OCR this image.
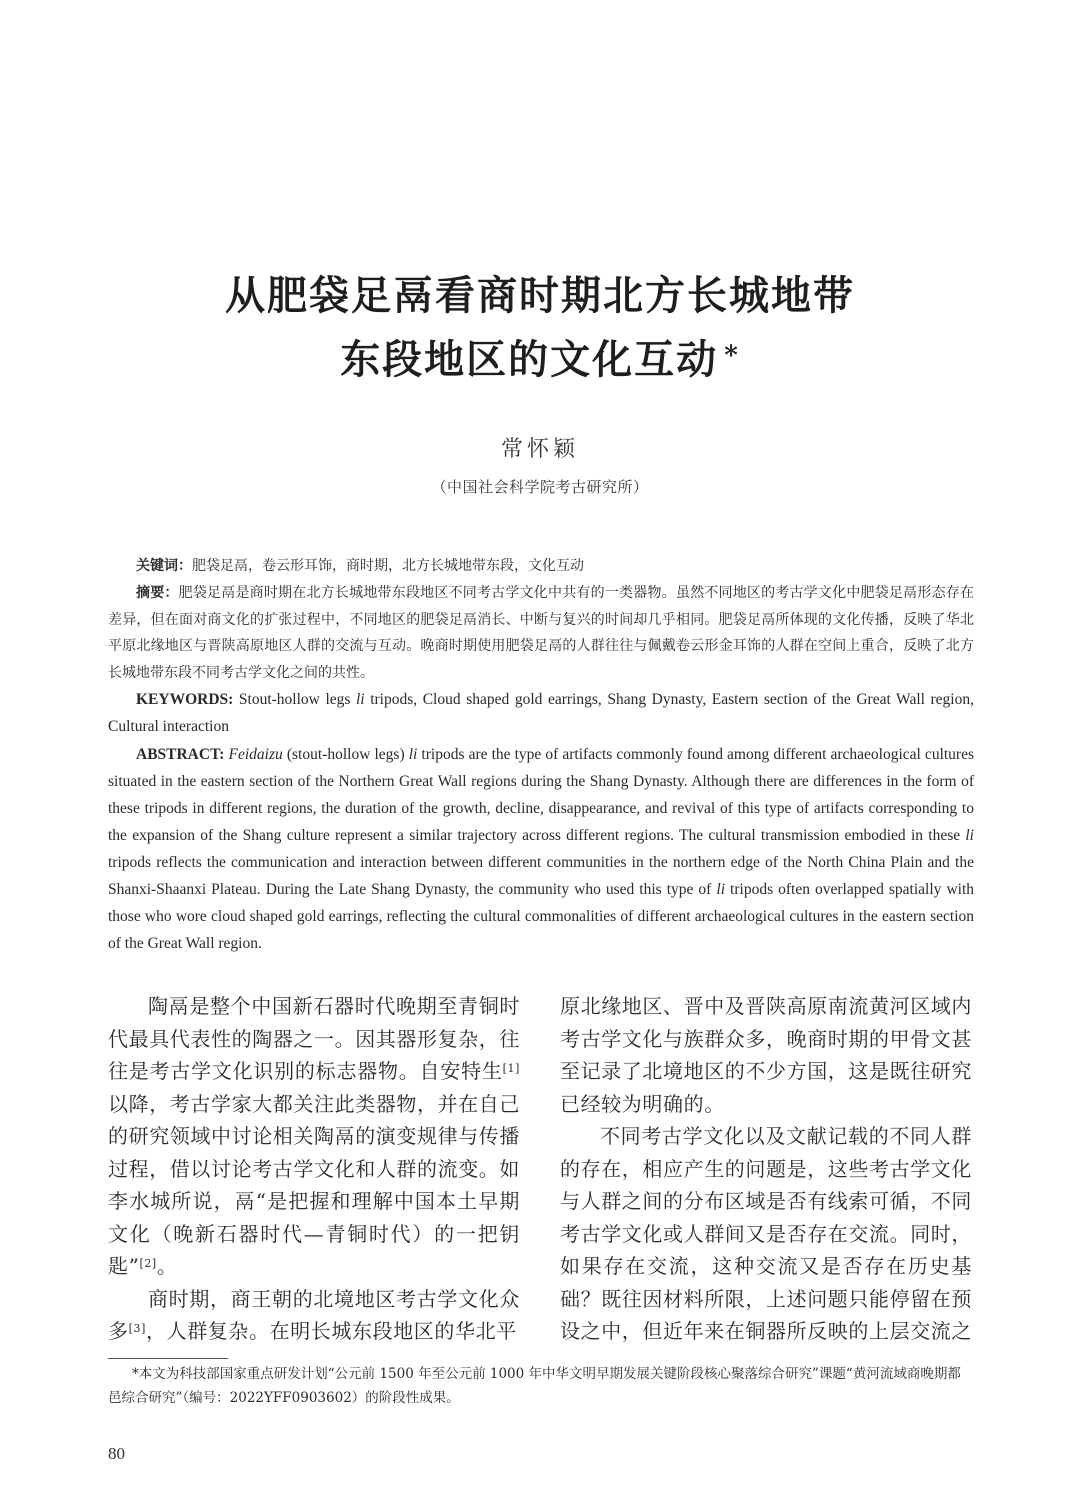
从肥袋足鬲看商时期北方长城地带
东段地区的文化互动 *
常怀颖
（中国社会科学院考古研究所）
关键词：肥袋足鬲，卷云形耳饰，商时期，北方长城地带东段，文化互动
摘要：肥袋足鬲是商时期在北方长城地带东段地区不同考古学文化中共有的一类器物。虽然不同地区的考古学文化中肥袋足鬲形态存在差异，但在面对商文化的扩张过程中，不同地区的肥袋足鬲消长、中断与复兴的时间却几乎相同。肥袋足鬲所体现的文化传播，反映了华北平原北缘地区与晋陕高原地区人群的交流与互动。晚商时期使用肥袋足鬲的人群往往与佩戴卷云形金耳饰的人群在空间上重合，反映了北方长城地带东段不同考古学文化之间的共性。
KEYWORDS: Stout-hollow legs li tripods, Cloud shaped gold earrings, Shang Dynasty, Eastern section of the Great Wall region, Cultural interaction
ABSTRACT: Feidaizu (stout-hollow legs) li tripods are the type of artifacts commonly found among different archaeological cultures situated in the eastern section of the Northern Great Wall regions during the Shang Dynasty. Although there are differences in the form of these tripods in different regions, the duration of the growth, decline, disappearance, and revival of this type of artifacts corresponding to the expansion of the Shang culture represent a similar trajectory across different regions. The cultural transmission embodied in these li tripods reflects the communication and interaction between different communities in the northern edge of the North China Plain and the Shanxi-Shaanxi Plateau. During the Late Shang Dynasty, the community who used this type of li tripods often overlapped spatially with those who wore cloud shaped gold earrings, reflecting the cultural commonalities of different archaeological cultures in the eastern section of the Great Wall region.

陶鬲是整个中国新石器时代晚期至青铜时代最具代表性的陶器之一。因其器形复杂，往往是考古学文化识别的标志器物。自安特生[1]以降，考古学家大都关注此类器物，并在自己的研究领域中讨论相关陶鬲的演变规律与传播过程，借以讨论考古学文化和人群的流变。如李水城所说，鬲“是把握和理解中国本土早期文化（晚新石器时代—青铜时代）的一把钥匙”[2]。

商时期，商王朝的北境地区考古学文化众多[3]，人群复杂。在明长城东段地区的华北平

原北缘地区、晋中及晋陕高原南流黄河区域内考古学文化与族群众多，晚商时期的甲骨文甚至记录了北境地区的不少方国，这是既往研究已经较为明确的。

不同考古学文化以及文献记载的不同人群的存在，相应产生的问题是，这些考古学文化与人群之间的分布区域是否有线索可循，不同考古学文化或人群间又是否存在交流。同时，如果存在交流，这种交流又是否存在历史基础？既往因材料所限，上述问题只能停留在预设之中，但近年来在铜器所反映的上层交流之

*本文为科技部国家重点研发计划“公元前 1500 年至公元前 1000 年中华文明早期发展关键阶段核心聚落综合研究”课题“黄河流域商晚期都邑综合研究”（编号：2022YFF0903602）的阶段性成果。
80
